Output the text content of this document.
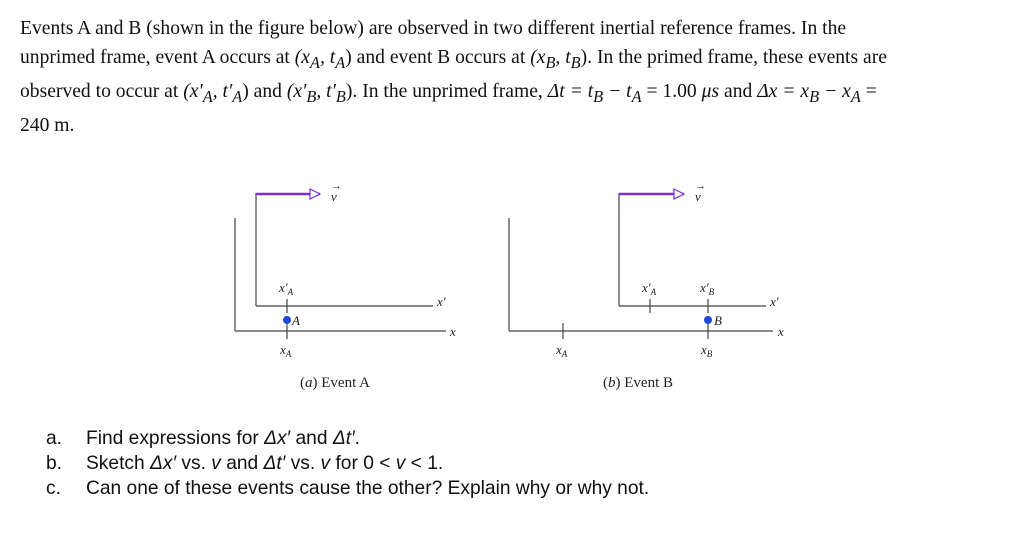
Events A and B (shown in the figure below) are observed in two different inertial reference frames. In the

unprimed frame, event A occurs at ($x_A$, $t_A$) and event B occurs at ($x_B$, $t_B$). In the primed frame, these events are

observed to occur at ($x'_A$, $t'_A$) and ($x'_B$, $t'_B$). In the unprimed frame, $\Delta t = t_B - t_A = 1.00$ μs and $\Delta x = x_B - x_A$ =

240 m.

x
x′
v
→
$x'_A$
A
$x_A$
(a) Event A
x
$x_A$
x′
v
→
$x'_A$	$x'_B$
B
$x_B$
(b) Event B
a.	Find expressions for Δx′ and Δt′.
b.	Sketch Δx′ vs. v and Δt′ vs. v for 0 < v < 1.
c.	Can one of these events cause the other? Explain why or why not.
